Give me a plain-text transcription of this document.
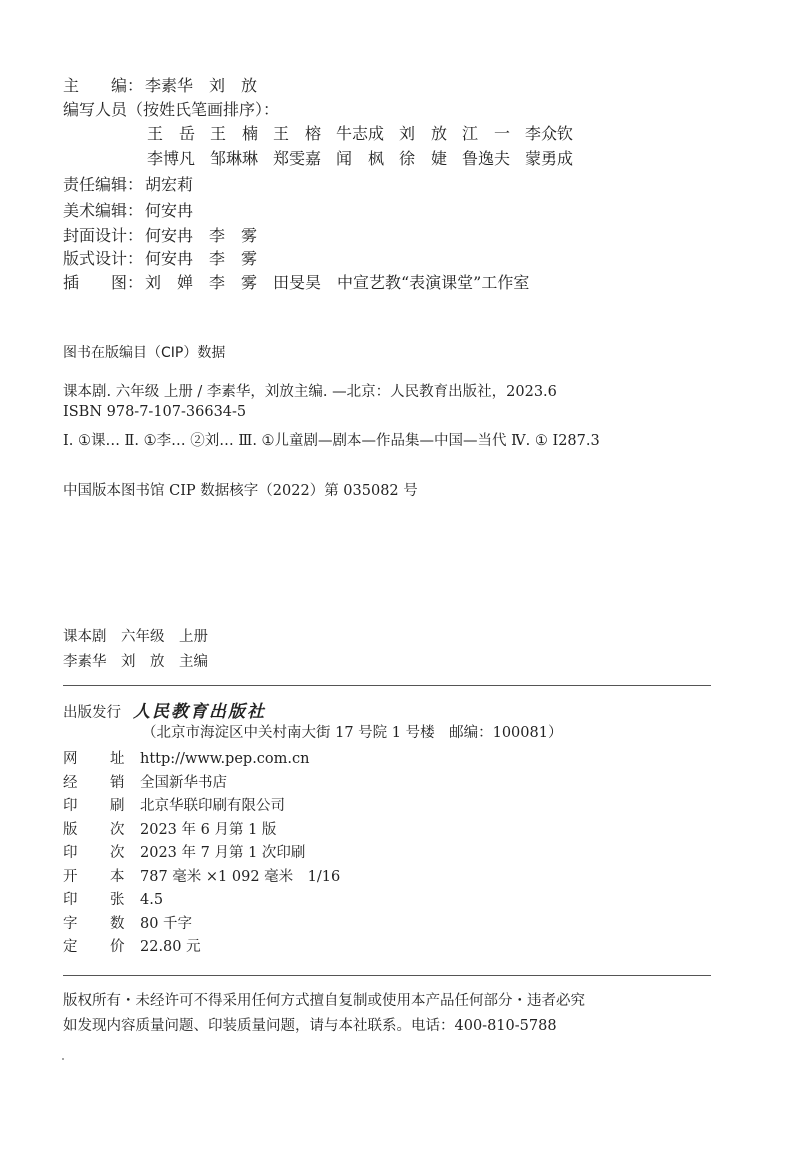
主编： 李素华　刘　放
编写人员（按姓氏笔画排序）：
王岳 王楠 王榕 牛志成 刘放 江一 李众钦
李博凡 邹琳琳 郑雯嘉 闻枫 徐婕 鲁逸夫 蒙勇成
责任编辑： 胡宏莉
美术编辑： 何安冉
封面设计： 何安冉　李　雾
版式设计： 何安冉　李　雾
插图： 刘　婵　李　雾　田旻昊　中宣艺教“表演课堂”工作室
图书在版编目（CIP）数据
课本剧. 六年级 上册 / 李素华，刘放主编. —北京：人民教育出版社，2023.6
ISBN 978-7-107-36634-5
Ⅰ. ①课… Ⅱ. ①李… ②刘… Ⅲ. ①儿童剧—剧本—作品集—中国—当代 Ⅳ. ① I287.3
中国版本图书馆 CIP 数据核字（2022）第 035082 号
课本剧　六年级　上册
李素华　刘　放　主编
出版发行 人民教育出版社
（北京市海淀区中关村南大街 17 号院 1 号楼　邮编：100081）
网 址 http://www.pep.com.cn
经 销 全国新华书店
印 刷 北京华联印刷有限公司
版 次 2023 年 6 月第 1 版
印 次 2023 年 7 月第 1 次印刷
开 本 787 毫米 ×1 092 毫米　1/16
印 张 4.5
字 数 80 千字
定 价 22.80 元
版权所有・未经许可不得采用任何方式擅自复制或使用本产品任何部分・违者必究
如发现内容质量问题、印装质量问题，请与本社联系。电话：400-810-5788
